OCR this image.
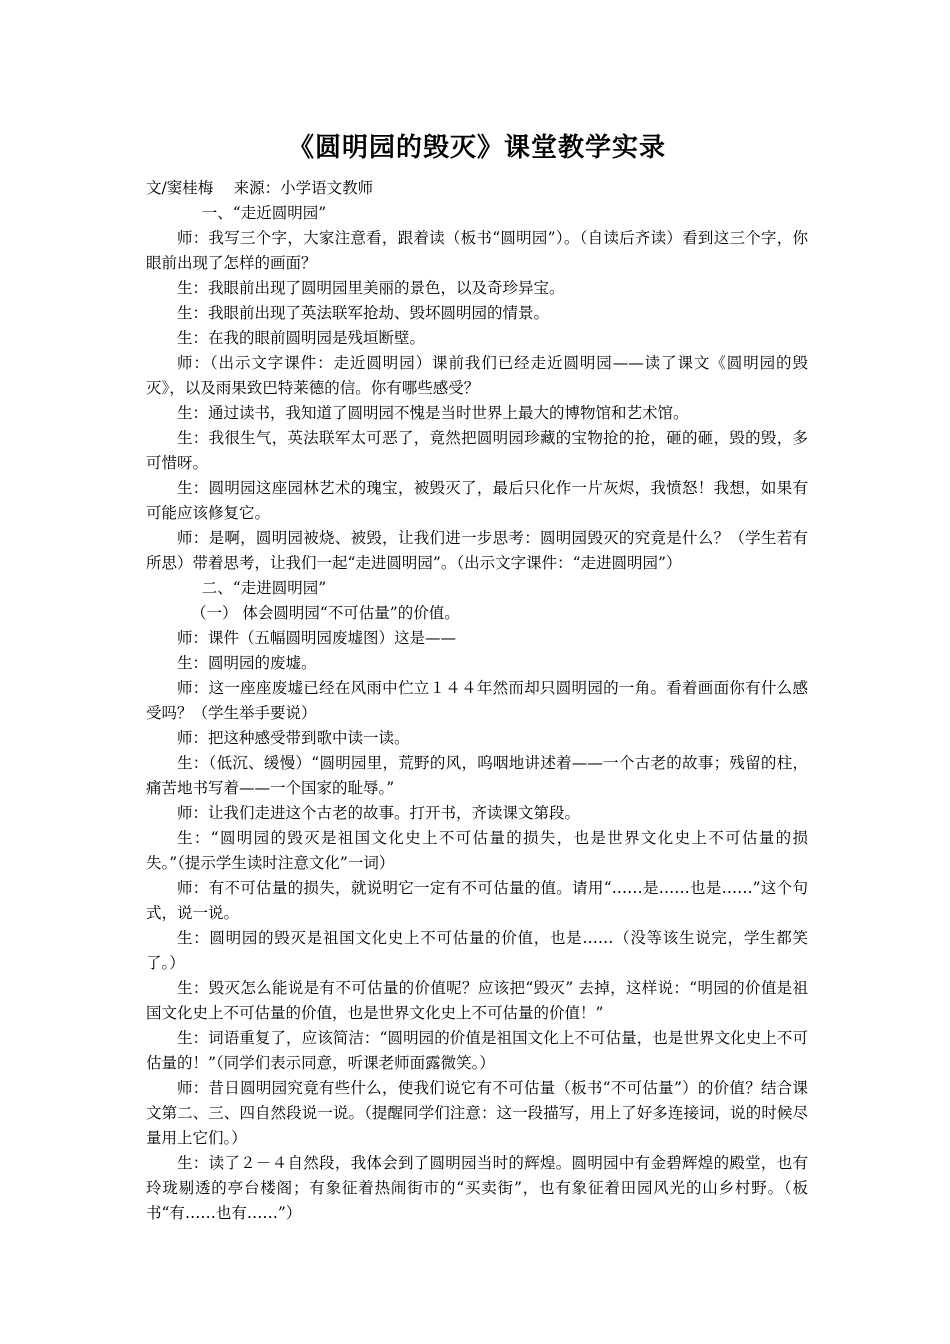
《圆明园的毁灭》课堂教学实录
文/窦桂梅　 来源：小学语文教师
一、“走近圆明园”
师：我写三个字，大家注意看，跟着读（板书“圆明园”）。（自读后齐读）看到这三个字，你眼前出现了怎样的画面？
生：我眼前出现了圆明园里美丽的景色，以及奇珍异宝。
生：我眼前出现了英法联军抢劫、毁坏圆明园的情景。
生：在我的眼前圆明园是残垣断壁。
师：（出示文字课件：走近圆明园）课前我们已经走近圆明园——读了课文《圆明园的毁灭》，以及雨果致巴特莱德的信。你有哪些感受？
生：通过读书，我知道了圆明园不愧是当时世界上最大的博物馆和艺术馆。
生：我很生气，英法联军太可恶了，竟然把圆明园珍藏的宝物抢的抢，砸的砸，毁的毁，多可惜呀。
生：圆明园这座园林艺术的瑰宝，被毁灭了，最后只化作一片灰烬，我愤怒！我想，如果有可能应该修复它。
师：是啊，圆明园被烧、被毁，让我们进一步思考：圆明园毁灭的究竟是什么？（学生若有所思）带着思考，让我们一起“走进圆明园”。（出示文字课件：“走进圆明园”）
二、“走进圆明园”
（一） 体会圆明园“不可估量”的价值。
师：课件（五幅圆明园废墟图）这是——
生：圆明园的废墟。
师：这一座座废墟已经在风雨中伫立１４４年然而却只圆明园的一角。看着画面你有什么感受吗？（学生举手要说）
师：把这种感受带到歌中读一读。
生：（低沉、缓慢）“圆明园里，荒野的风，呜咽地讲述着——一个古老的故事；残留的柱，痛苦地书写着——一个国家的耻辱。”
师：让我们走进这个古老的故事。打开书，齐读课文第段。
生：“圆明园的毁灭是祖国文化史上不可估量的损失，也是世界文化史上不可估量的损失。”（提示学生读时注意文化”一词）
师：有不可估量的损失，就说明它一定有不可估量的值。请用“……是……也是……”这个句式，说一说。
生：圆明园的毁灭是祖国文化史上不可估量的价值，也是……（没等该生说完，学生都笑了。）
生：毁灭怎么能说是有不可估量的价值呢？应该把“毁灭” 去掉，这样说：“明园的价值是祖国文化史上不可估量的价值，也是世界文化史上不可估量的价值！”
生：词语重复了，应该简洁：“圆明园的价值是祖国文化上不可估量，也是世界文化史上不可估量的！”（同学们表示同意，听课老师面露微笑。）
师：昔日圆明园究竟有些什么，使我们说它有不可估量（板书“不可估量”）的价值？结合课文第二、三、四自然段说一说。（提醒同学们注意：这一段描写，用上了好多连接词，说的时候尽量用上它们。）
生：读了２－４自然段，我体会到了圆明园当时的辉煌。圆明园中有金碧辉煌的殿堂，也有玲珑剔透的亭台楼阁；有象征着热闹街市的“买卖街”，也有象征着田园风光的山乡村野。（板书“有……也有……”）
